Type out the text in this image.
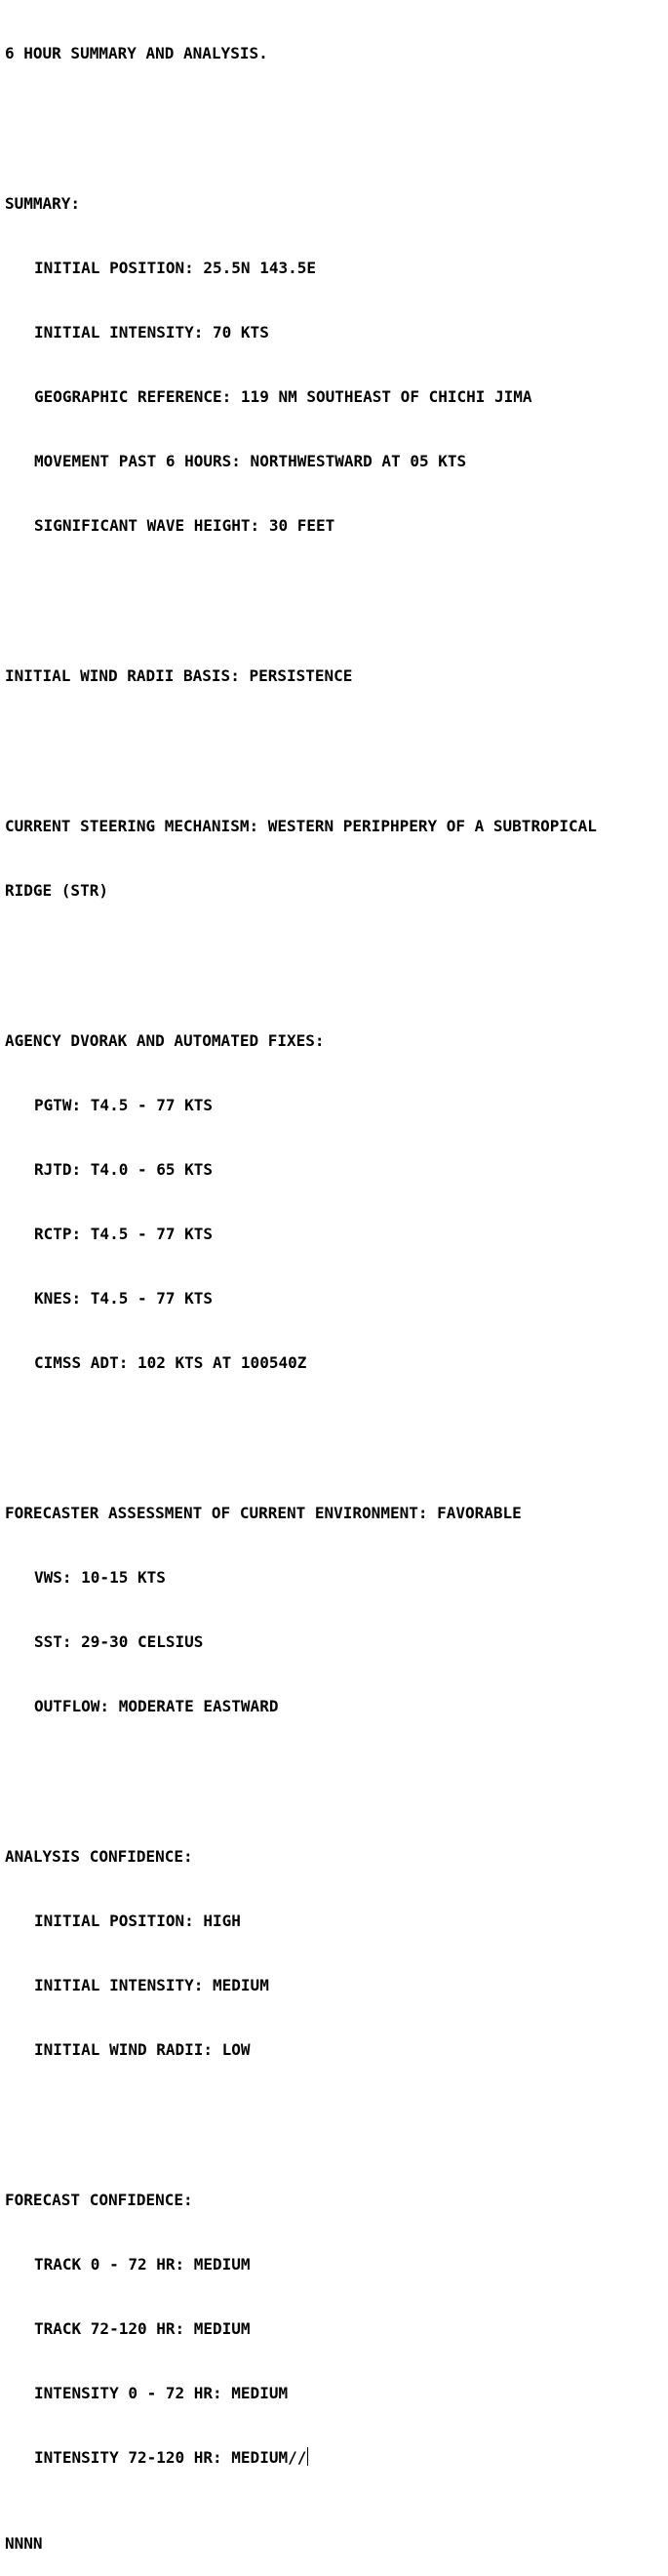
6 HOUR SUMMARY AND ANALYSIS.

SUMMARY:

INITIAL POSITION: 25.5N 143.5E

INITIAL INTENSITY: 70 KTS

GEOGRAPHIC REFERENCE: 119 NM SOUTHEAST OF CHICHI JIMA

MOVEMENT PAST 6 HOURS: NORTHWESTWARD AT 05 KTS

SIGNIFICANT WAVE HEIGHT: 30 FEET

INITIAL WIND RADII BASIS: PERSISTENCE

CURRENT STEERING MECHANISM: WESTERN PERIPHPERY OF A SUBTROPICAL

RIDGE (STR)

AGENCY DVORAK AND AUTOMATED FIXES:

PGTW: T4.5 - 77 KTS

RJTD: T4.0 - 65 KTS

RCTP: T4.5 - 77 KTS

KNES: T4.5 - 77 KTS

CIMSS ADT: 102 KTS AT 100540Z

FORECASTER ASSESSMENT OF CURRENT ENVIRONMENT: FAVORABLE

VWS: 10-15 KTS

SST: 29-30 CELSIUS

OUTFLOW: MODERATE EASTWARD

ANALYSIS CONFIDENCE:

INITIAL POSITION: HIGH

INITIAL INTENSITY: MEDIUM

INITIAL WIND RADII: LOW

FORECAST CONFIDENCE:

TRACK 0 - 72 HR: MEDIUM

TRACK 72-120 HR: MEDIUM

INTENSITY 0 - 72 HR: MEDIUM

INTENSITY 72-120 HR: MEDIUM//

NNNN
